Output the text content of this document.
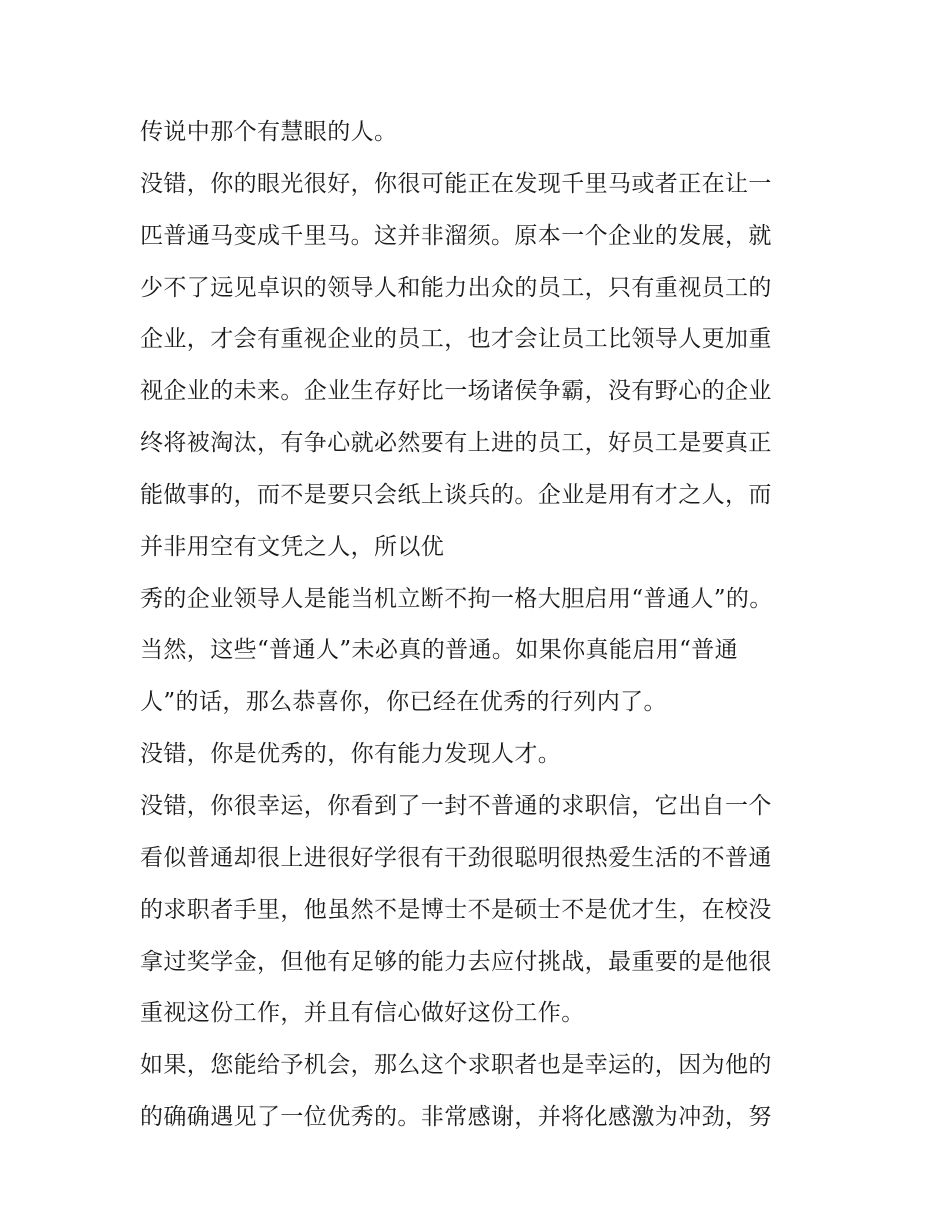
传说中那个有慧眼的人。
没错，你的眼光很好，你很可能正在发现千里马或者正在让一
匹普通马变成千里马。这并非溜须。原本一个企业的发展，就
少不了远见卓识的领导人和能力出众的员工，只有重视员工的
企业，才会有重视企业的员工，也才会让员工比领导人更加重
视企业的未来。企业生存好比一场诸侯争霸，没有野心的企业
终将被淘汰，有争心就必然要有上进的员工，好员工是要真正
能做事的，而不是要只会纸上谈兵的。企业是用有才之人，而
并非用空有文凭之人，所以优
秀的企业领导人是能当机立断不拘一格大胆启用“普通人”的。
当然，这些“普通人”未必真的普通。如果你真能启用“普通
人”的话，那么恭喜你，你已经在优秀的行列内了。
没错，你是优秀的，你有能力发现人才。
没错，你很幸运，你看到了一封不普通的求职信，它出自一个
看似普通却很上进很好学很有干劲很聪明很热爱生活的不普通
的求职者手里，他虽然不是博士不是硕士不是优才生，在校没
拿过奖学金，但他有足够的能力去应付挑战，最重要的是他很
重视这份工作，并且有信心做好这份工作。
如果，您能给予机会，那么这个求职者也是幸运的，因为他的
的确确遇见了一位优秀的。非常感谢，并将化感激为冲劲，努
